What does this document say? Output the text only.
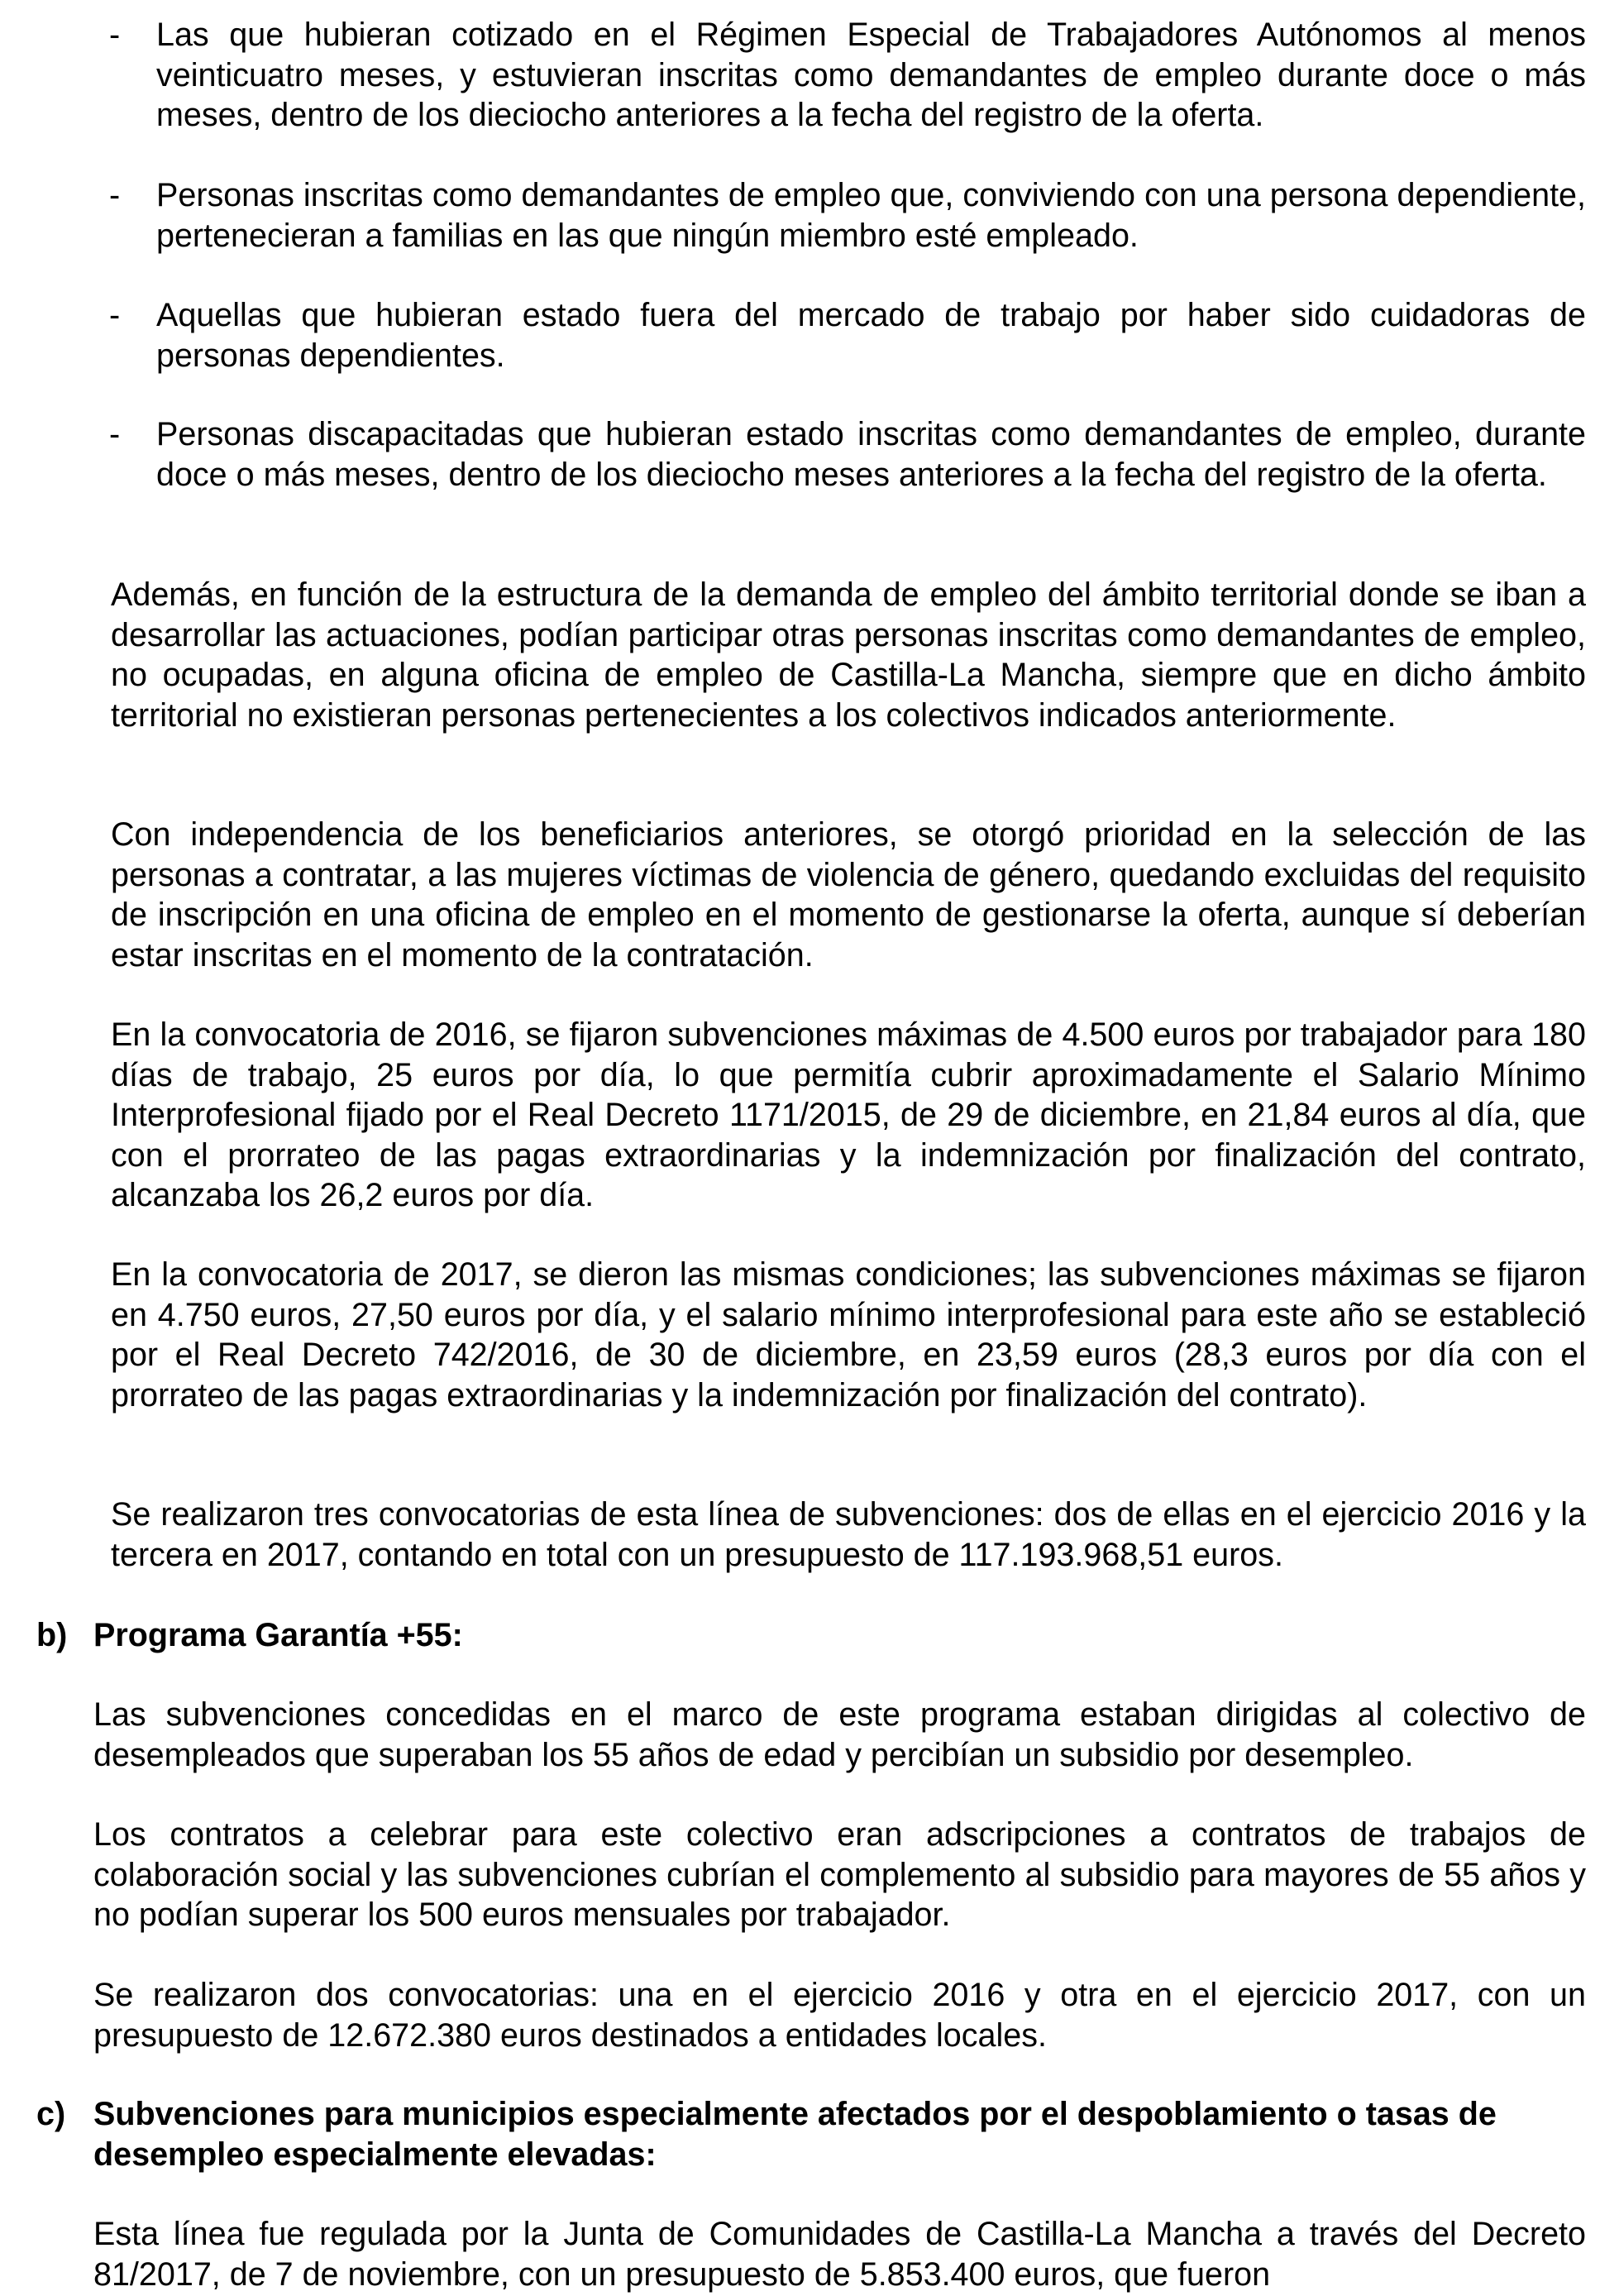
-	Las que hubieran cotizado en el Régimen Especial de Trabajadores Autónomos al menos veinticuatro meses, y estuvieran inscritas como demandantes de empleo durante doce o más meses, dentro de los dieciocho anteriores a la fecha del registro de la oferta.

-	Personas inscritas como demandantes de empleo que, conviviendo con una persona dependiente, pertenecieran a familias en las que ningún miembro esté empleado.

-	Aquellas que hubieran estado fuera del mercado de trabajo por haber sido cuidadoras de personas dependientes.

-	Personas discapacitadas que hubieran estado inscritas como demandantes de empleo, durante doce o más meses, dentro de los dieciocho meses anteriores a la fecha del registro de la oferta.

Además, en función de la estructura de la demanda de empleo del ámbito territorial donde se iban a desarrollar las actuaciones, podían participar otras personas inscritas como demandantes de empleo, no ocupadas, en alguna oficina de empleo de Castilla-La Mancha, siempre que en dicho ámbito territorial no existieran personas pertenecientes a los colectivos indicados anteriormente.

Con independencia de los beneficiarios anteriores, se otorgó prioridad en la selección de las personas a contratar, a las mujeres víctimas de violencia de género, quedando excluidas del requisito de inscripción en una oficina de empleo en el momento de gestionarse la oferta, aunque sí deberían estar inscritas en el momento de la contratación.

En la convocatoria de 2016, se fijaron subvenciones máximas de 4.500 euros por trabajador para 180 días de trabajo, 25 euros por día, lo que permitía cubrir aproximadamente el Salario Mínimo Interprofesional fijado por el Real Decreto 1171/2015, de 29 de diciembre, en 21,84 euros al día, que con el prorrateo de las pagas extraordinarias y la indemnización por finalización del contrato, alcanzaba los 26,2 euros por día.

En la convocatoria de 2017, se dieron las mismas condiciones; las subvenciones máximas se fijaron en 4.750 euros, 27,50 euros por día, y el salario mínimo interprofesional para este año se estableció por el Real Decreto 742/2016, de 30 de diciembre, en 23,59 euros (28,3 euros por día con el prorrateo de las pagas extraordinarias y la indemnización por finalización del contrato).

Se realizaron tres convocatorias de esta línea de subvenciones: dos de ellas en el ejercicio 2016 y la tercera en 2017, contando en total con un presupuesto de 117.193.968,51 euros.

b) Programa Garantía +55:

Las subvenciones concedidas en el marco de este programa estaban dirigidas al colectivo de desempleados que superaban los 55 años de edad y percibían un subsidio por desempleo.

Los contratos a celebrar para este colectivo eran adscripciones a contratos de trabajos de colaboración social y las subvenciones cubrían el complemento al subsidio para mayores de 55 años y no podían superar los 500 euros mensuales por trabajador.

Se realizaron dos convocatorias: una en el ejercicio 2016 y otra en el ejercicio 2017, con un presupuesto de 12.672.380 euros destinados a entidades locales.

c) Subvenciones para municipios especialmente afectados por el despoblamiento o tasas de desempleo especialmente elevadas:

Esta línea fue regulada por la Junta de Comunidades de Castilla-La Mancha a través del Decreto 81/2017, de 7 de noviembre, con un presupuesto de 5.853.400 euros, que fueron
